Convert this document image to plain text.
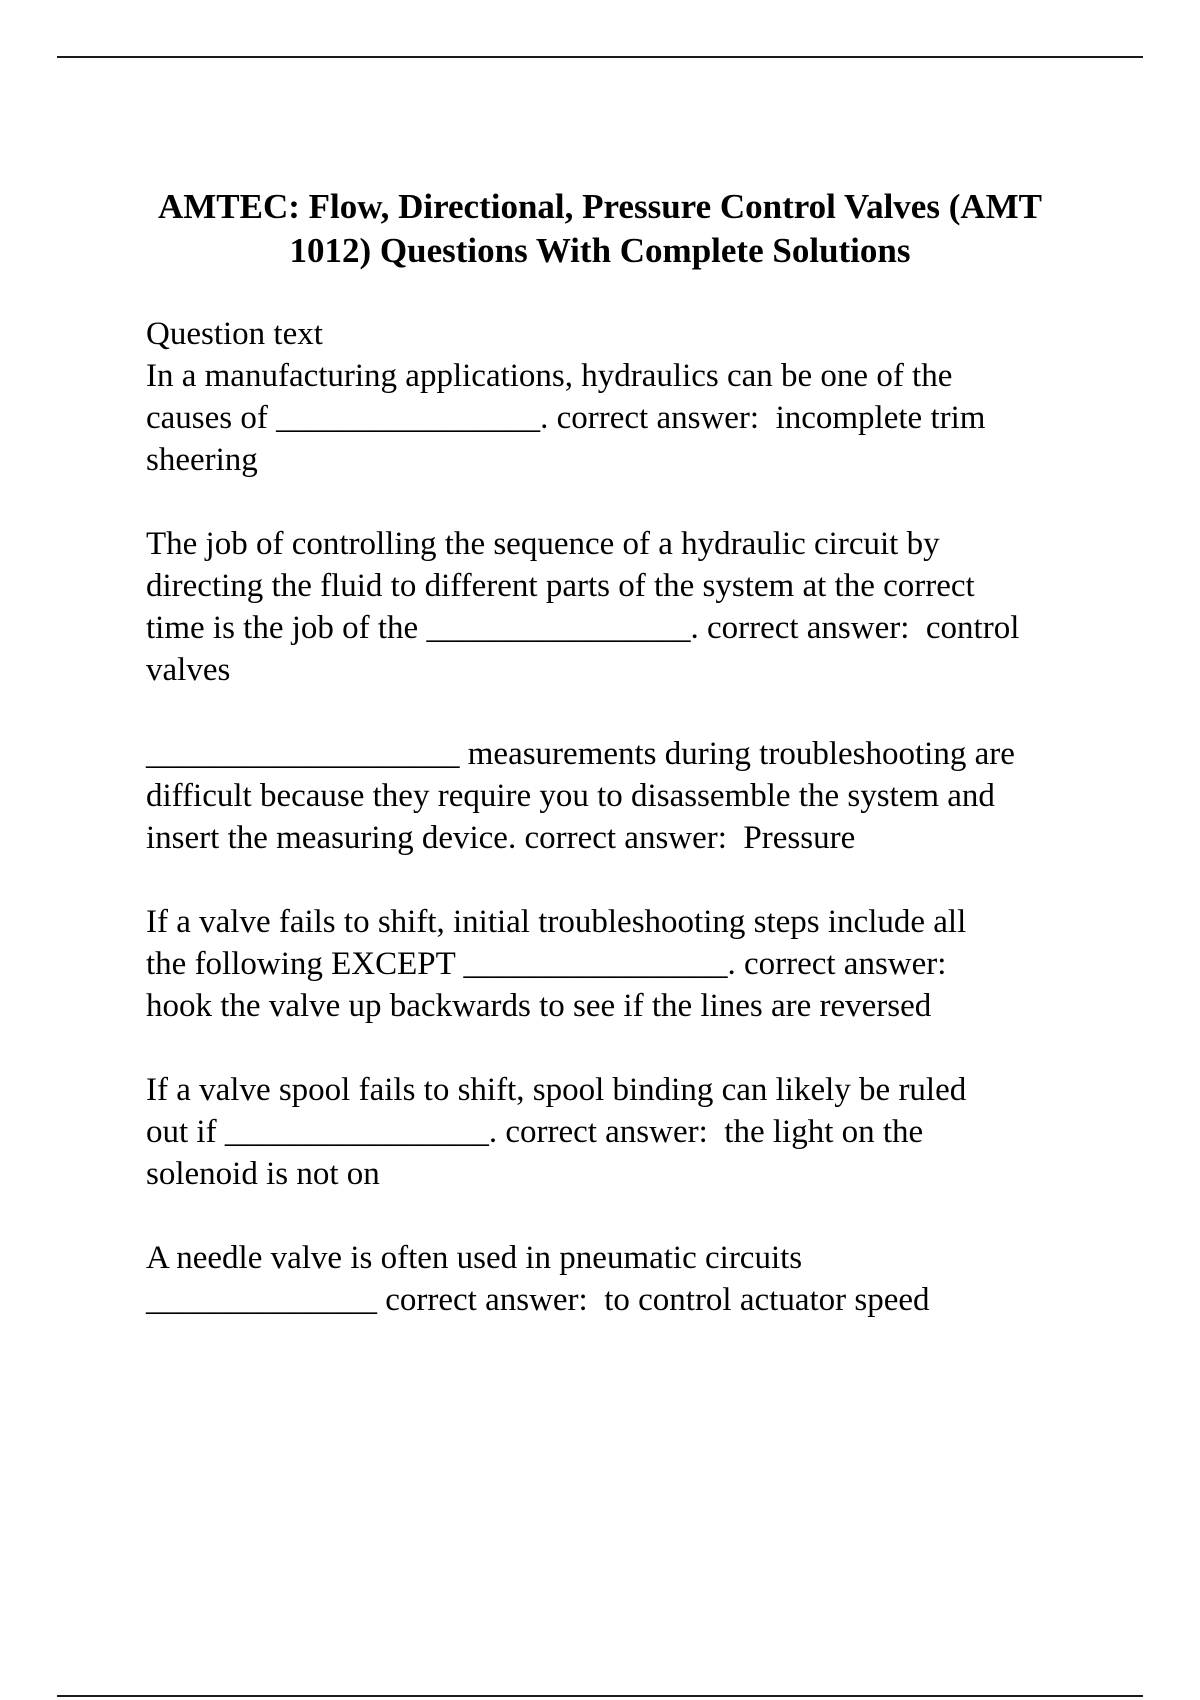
AMTEC: Flow, Directional, Pressure Control Valves (AMT
1012) Questions With Complete Solutions

Question text
In a manufacturing applications, hydraulics can be one of the
causes of ________________. correct answer:  incomplete trim
sheering

The job of controlling the sequence of a hydraulic circuit by
directing the fluid to different parts of the system at the correct
time is the job of the ________________. correct answer:  control
valves

___________________ measurements during troubleshooting are
difficult because they require you to disassemble the system and
insert the measuring device. correct answer:  Pressure

If a valve fails to shift, initial troubleshooting steps include all
the following EXCEPT ________________. correct answer:
hook the valve up backwards to see if the lines are reversed

If a valve spool fails to shift, spool binding can likely be ruled
out if ________________. correct answer:  the light on the
solenoid is not on

A needle valve is often used in pneumatic circuits
______________ correct answer:  to control actuator speed
